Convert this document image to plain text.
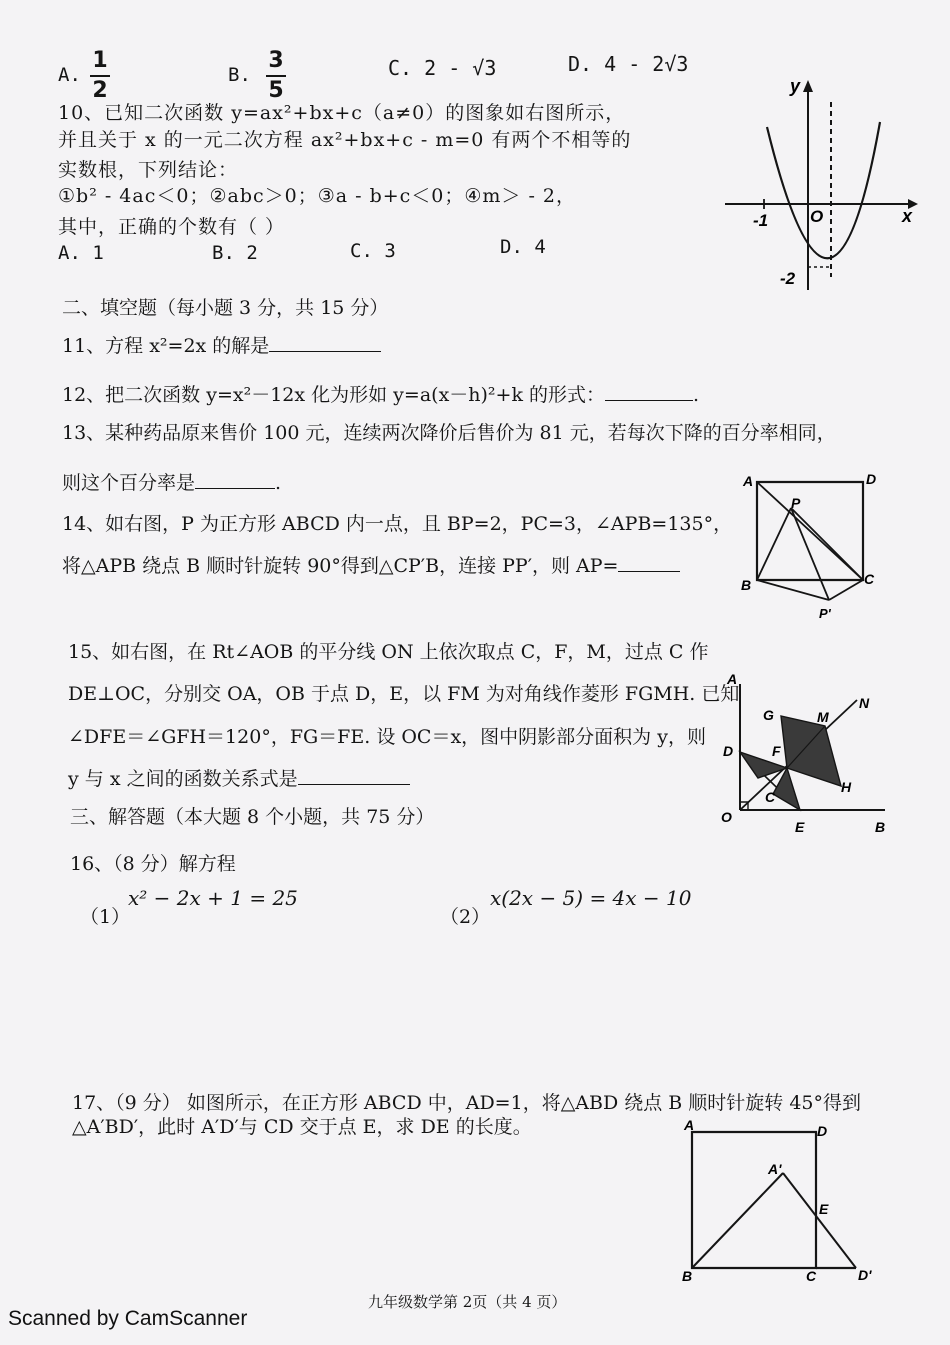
A.
1
2
B.
3
5
C. 2 - √3	D. 4 - 2√3
10、已知二次函数 y=ax²+bx+c（a≠0）的图象如右图所示，
并且关于 x 的一元二次方程 ax²+bx+c - m=0 有两个不相等的
实数根，下列结论：
①b² - 4ac＜0；②abc＞0；③a - b+c＜0；④m＞ - 2，
其中，正确的个数有（ ）
A. 1	B. 2	C. 3	D. 4
y
x
O
-1
-2
二、填空题（每小题 3 分，共 15 分）
11、方程 x²=2x 的解是
12、把二次函数 y=x²－12x 化为形如 y=a(x－h)²+k 的形式：	.
13、某种药品原来售价 100 元，连续两次降价后售价为 81 元，若每次下降的百分率相同，
则这个百分率是	.
14、如右图，P 为正方形 ABCD 内一点，且 BP=2，PC=3，∠APB=135°，
将△APB 绕点 B 顺时针旋转 90°得到△CP′B，连接 PP′，则 AP=
A	D
B	C
P
P'
15、如右图，在 Rt∠AOB 的平分线 ON 上依次取点 C，F，M，过点 C 作
DE⊥OC，分别交 OA，OB 于点 D，E，以 FM 为对角线作菱形 FGMH. 已知
∠DFE＝∠GFH＝120°，FG＝FE. 设 OC＝x，图中阴影部分面积为 y，则
y 与 x 之间的函数关系式是
A
N
G	M
D	F
H
C
O
E	B
三、解答题（本大题 8 个小题，共 75 分）
16、（8 分）解方程
（1）
x² − 2x + 1 = 25
（2）
x(2x − 5) = 4x − 10
17、（9 分） 如图所示，在正方形 ABCD 中，AD=1，将△ABD 绕点 B 顺时针旋转 45°得到
△A′BD′，此时 A′D′与 CD 交于点 E，求 DE 的长度。	A	D
A'
E
B	C	D'
九年级数学第 2页（共 4 页）
Scanned by CamScanner
